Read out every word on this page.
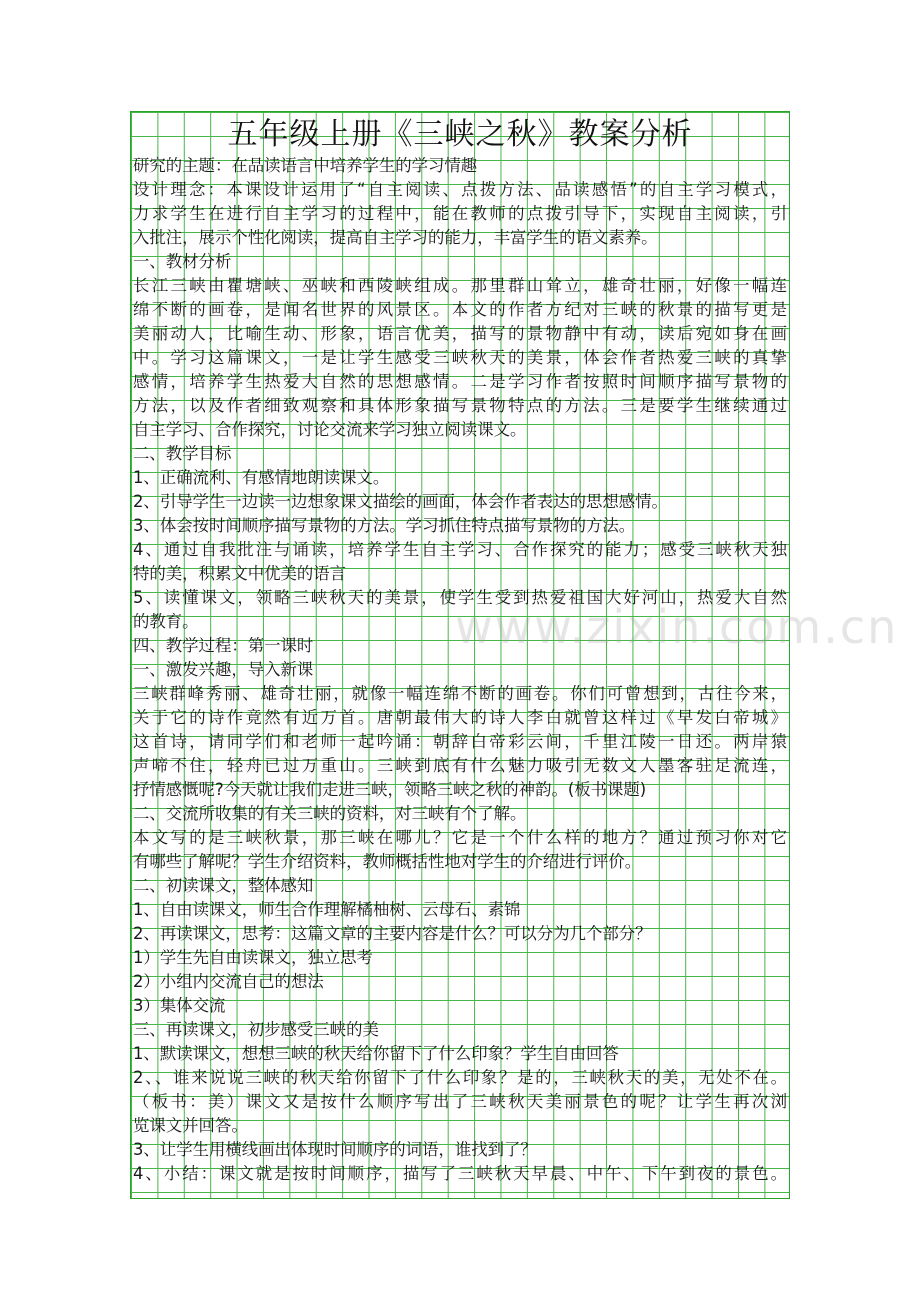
五年级上册《三峡之秋》教案分析
研究的主题：在品读语言中培养学生的学习情趣
设计理念：本课设计运用了“自主阅读、点拨方法、品读感悟”的自主学习模式，
力求学生在进行自主学习的过程中，能在教师的点拨引导下，实现自主阅读，引
入批注，展示个性化阅读，提高自主学习的能力，丰富学生的语文素养。
一、教材分析
长江三峡由瞿塘峡、巫峡和西陵峡组成。那里群山耸立，雄奇壮丽，好像一幅连
绵不断的画卷，是闻名世界的风景区。本文的作者方纪对三峡的秋景的描写更是
美丽动人，比喻生动、形象，语言优美，描写的景物静中有动，读后宛如身在画
中。学习这篇课文，一是让学生感受三峡秋天的美景，体会作者热爱三峡的真挚
感情，培养学生热爱大自然的思想感情。二是学习作者按照时间顺序描写景物的
方法，以及作者细致观察和具体形象描写景物特点的方法。三是要学生继续通过
自主学习、合作探究，讨论交流来学习独立阅读课文。
二、教学目标
1、正确流利、有感情地朗读课文。
2、引导学生一边读一边想象课文描绘的画面，体会作者表达的思想感情。
3、体会按时间顺序描写景物的方法。学习抓住特点描写景物的方法。
4、通过自我批注与诵读，培养学生自主学习、合作探究的能力；感受三峡秋天独
特的美，积累文中优美的语言
5、读懂课文，领略三峡秋天的美景，使学生受到热爱祖国大好河山，热爱大自然
的教育。
四、教学过程：第一课时
一、激发兴趣，导入新课
三峡群峰秀丽、雄奇壮丽，就像一幅连绵不断的画卷。你们可曾想到，古往今来，
关于它的诗作竟然有近万首。唐朝最伟大的诗人李白就曾这样过《早发白帝城》
这首诗，请同学们和老师一起吟诵：朝辞白帝彩云间，千里江陵一日还。两岸猿
声啼不住，轻舟已过万重山。三峡到底有什么魅力吸引无数文人墨客驻足流连，
抒情感慨呢?今天就让我们走进三峡，领略三峡之秋的神韵。(板书课题)
二、交流所收集的有关三峡的资料，对三峡有个了解。
本文写的是三峡秋景，那三峡在哪儿？它是一个什么样的地方？通过预习你对它
有哪些了解呢？学生介绍资料，教师概括性地对学生的介绍进行评价。
二、初读课文，整体感知
1、自由读课文，师生合作理解橘柚树、云母石、素锦
2、再读课文，思考：这篇文章的主要内容是什么？可以分为几个部分？
1）学生先自由读课文，独立思考
2）小组内交流自己的想法
3）集体交流
三、再读课文，初步感受三峡的美
1、默读课文，想想三峡的秋天给你留下了什么印象？学生自由回答
2、、谁来说说三峡的秋天给你留下了什么印象？是的，三峡秋天的美，无处不在。
（板书：美）课文又是按什么顺序写出了三峡秋天美丽景色的呢？让学生再次浏
览课文并回答。
3、让学生用横线画出体现时间顺序的词语，谁找到了？
4、小结：课文就是按时间顺序，描写了三峡秋天早晨、中午、下午到夜的景色。
www.zixin.com.cn
